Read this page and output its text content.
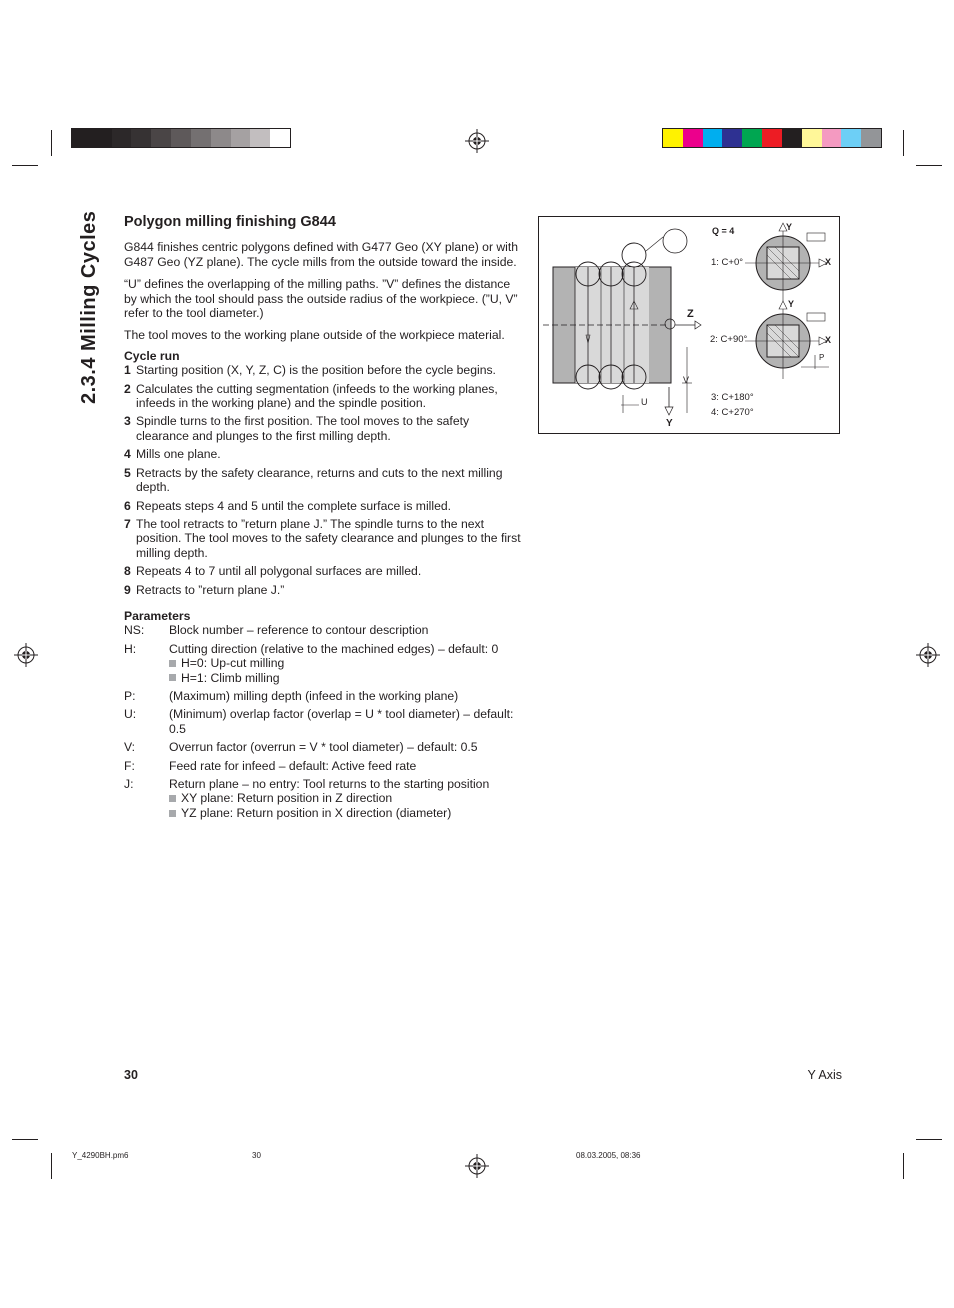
2.3.4 Milling Cycles	Polygon milling finishing G844

G844 finishes centric polygons defined with G477 Geo (XY plane) or with G487 Geo (YZ plane). The cycle mills from the outside toward the inside.

“U” defines the overlapping of the milling paths. ”V” defines the distance by which the tool should pass the outside radius of the workpiece. (”U, V” refer to the tool diameter.)

The tool moves to the working plane outside of the workpiece material.

Cycle run
1 Starting position (X, Y, Z, C) is the position before the cycle begins.
2 Calculates the cutting segmentation (infeeds to the working planes, infeeds in the working plane) and the spindle position.
3 Spindle turns to the first position. The tool moves to the safety clearance and plunges to the first milling depth.
4 Mills one plane.
5 Retracts by the safety clearance, returns and cuts to the next milling depth.
6 Repeats steps 4 and 5 until the complete surface is milled.
7 The tool retracts to ”return plane J.” The spindle turns to the next position. The tool moves to the safety clearance and plunges to the first milling depth.
8 Repeats 4 to 7 until all polygonal surfaces are milled.
9 Retracts to ”return plane J.”
Parameters
NS:	Block number – reference to contour description
H:	Cutting direction (relative to the machined edges) – default: 0
H=0: Up-cut milling
H=1: Climb milling
P:	(Maximum) milling depth (infeed in the working plane)
U:	(Minimum) overlap factor (overlap = U * tool diameter) – default: 0.5
V:	Overrun factor (overrun = V * tool diameter) – default: 0.5
F:	Feed rate for infeed – default: Active feed rate
J:	Return plane – no entry: Tool returns to the starting position
XY plane: Return position in Z direction
YZ plane: Return position in X direction (diameter)
Q = 4
1: C+0°
2: C+90°
3: C+180°
4: C+270°
Z
Y
Y
X
Y
X
U
V
P
30	Y Axis
Y_4290BH.pm6	30	08.03.2005, 08:36
